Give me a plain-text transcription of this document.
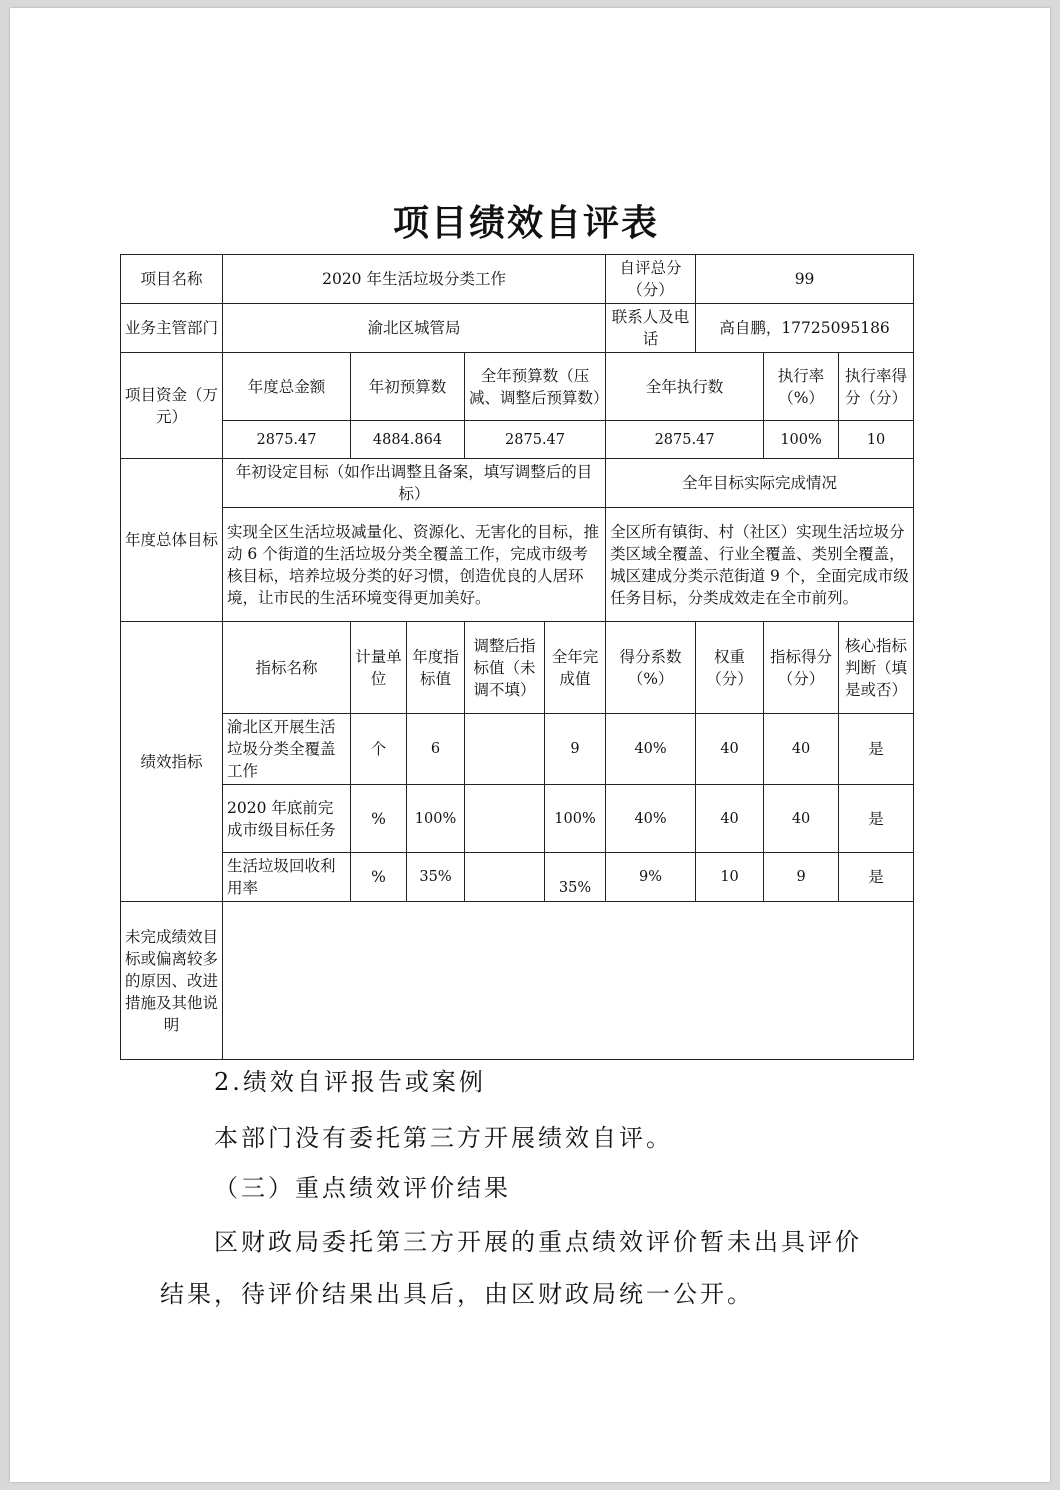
项目绩效自评表
项目名称	2020 年生活垃圾分类工作					自评总分（分）	99		
业务主管部门	渝北区城管局					联系人及电话	高自鹏，17725095186		
项目资金（万元）	年度总金额	年初预算数		全年预算数（压减、调整后预算数）		全年执行数		执行率（%）	执行率得分（分）
	2875.47	4884.864		2875.47		2875.47		100%	10
年度总体目标	年初设定目标（如作出调整且备案，填写调整后的目标）					全年目标实际完成情况			
	实现全区生活垃圾减量化、资源化、无害化的目标，推动 6 个街道的生活垃圾分类全覆盖工作，完成市级考核目标，培养垃圾分类的好习惯，创造优良的人居环境，让市民的生活环境变得更加美好。					全区所有镇街、村（社区）实现生活垃圾分类区域全覆盖、行业全覆盖、类别全覆盖，城区建成分类示范街道 9 个，全面完成市级任务目标，分类成效走在全市前列。			
绩效指标	指标名称	计量单位	年度指标值	调整后指标值（未调不填）	全年完成值	得分系数（%）	权重（分）	指标得分（分）	核心指标判断（填是或否）
	渝北区开展生活垃圾分类全覆盖工作	个	6		9	40%	40	40	是
	2020 年底前完成市级目标任务	%	100%		100%	40%	40	40	是
	生活垃圾回收利用率	%	35%		35%	9%	10	9	是
未完成绩效目标或偏离较多的原因、改进措施及其他说明									
2.绩效自评报告或案例
本部门没有委托第三方开展绩效自评。
（三）重点绩效评价结果
区财政局委托第三方开展的重点绩效评价暂未出具评价
结果，待评价结果出具后，由区财政局统一公开。
